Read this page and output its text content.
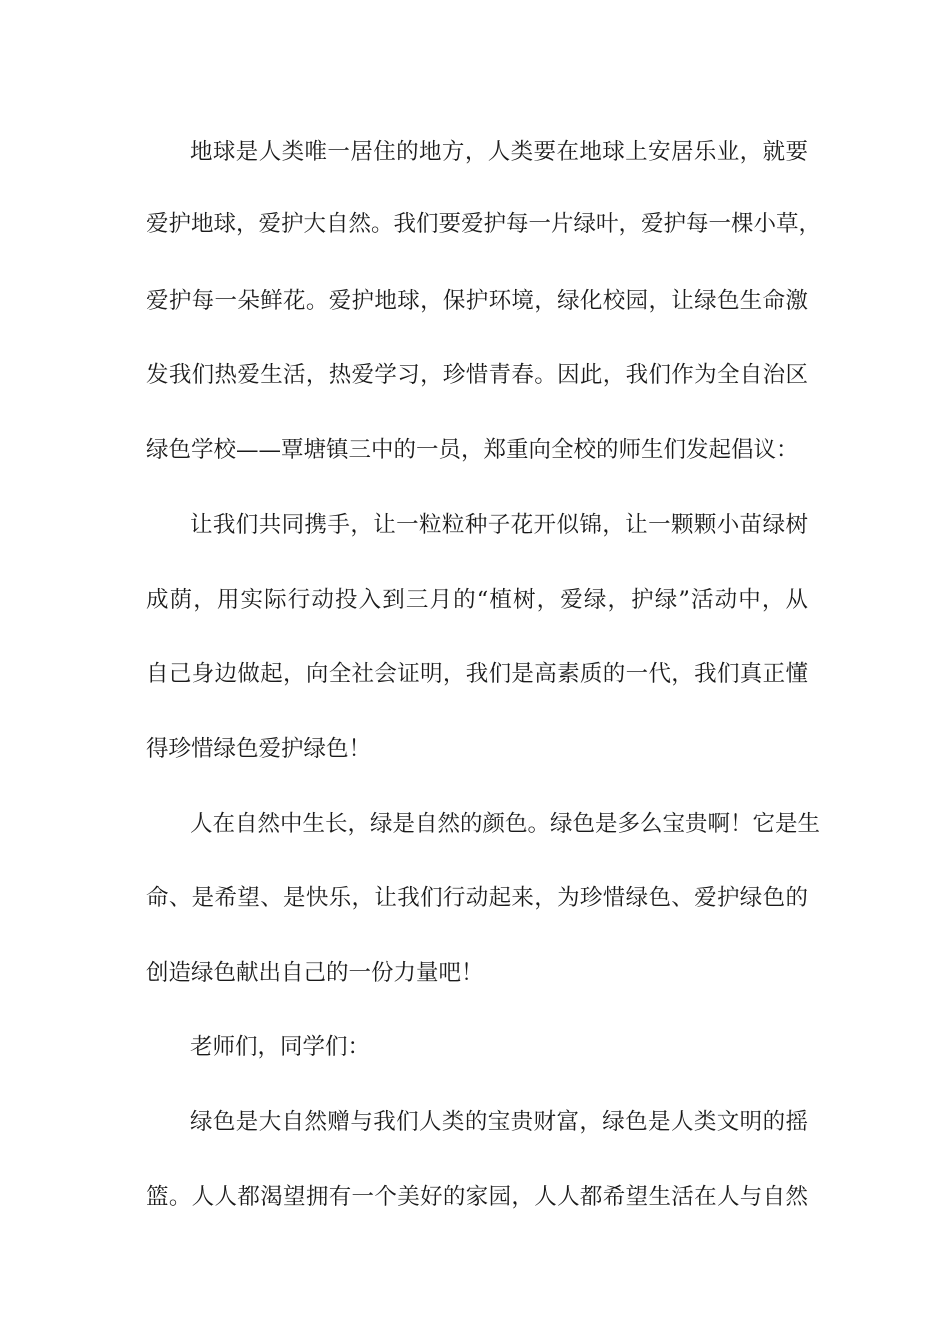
地球是人类唯一居住的地方，人类要在地球上安居乐业，就要
爱护地球，爱护大自然。我们要爱护每一片绿叶，爱护每一棵小草，
爱护每一朵鲜花。爱护地球，保护环境，绿化校园，让绿色生命激
发我们热爱生活，热爱学习，珍惜青春。因此，我们作为全自治区
绿色学校——覃塘镇三中的一员，郑重向全校的师生们发起倡议：
让我们共同携手，让一粒粒种子花开似锦，让一颗颗小苗绿树
成荫，用实际行动投入到三月的“植树，爱绿，护绿”活动中，从
自己身边做起，向全社会证明，我们是高素质的一代，我们真正懂
得珍惜绿色爱护绿色！
人在自然中生长，绿是自然的颜色。绿色是多么宝贵啊！它是生
命、是希望、是快乐，让我们行动起来，为珍惜绿色、爱护绿色的
创造绿色献出自己的一份力量吧！
老师们，同学们：
绿色是大自然赠与我们人类的宝贵财富，绿色是人类文明的摇
篮。人人都渴望拥有一个美好的家园，人人都希望生活在人与自然
